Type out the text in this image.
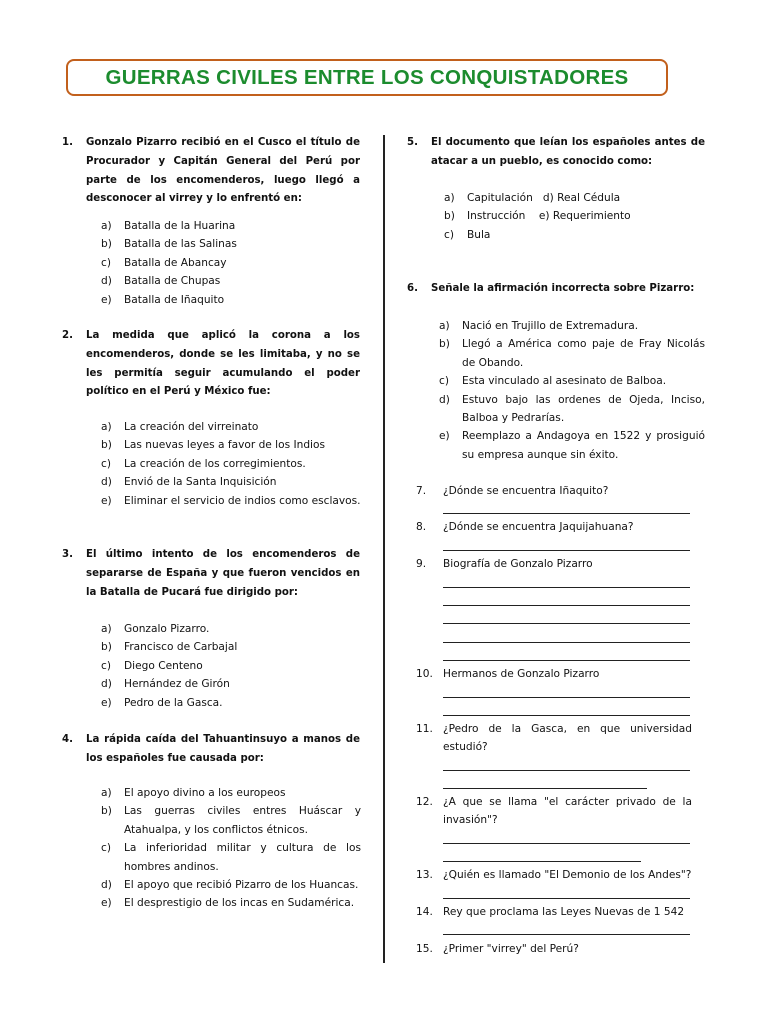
GUERRAS CIVILES ENTRE LOS CONQUISTADORES
1. Gonzalo Pizarro recibió en el Cusco el título de Procurador y Capitán General del Perú por parte de los encomenderos, luego llegó a desconocer al virrey y lo enfrentó en:
a)	Batalla de la Huarina
b)	Batalla de las Salinas
c)	Batalla de Abancay
d)	Batalla de Chupas
e)	Batalla de Iñaquito
2. La medida que aplicó la corona a los encomenderos, donde se les limitaba, y no se les permitía seguir acumulando el poder político en el Perú y México fue:
a)	La creación del virreinato
b)	Las nuevas leyes a favor de los Indios
c)	La creación de los corregimientos.
d)	Envió de la Santa Inquisición
e)	Eliminar el servicio de indios como esclavos.
3. El último intento de los encomenderos de separarse de España y que fueron vencidos en la Batalla de Pucará fue dirigido por:
a)	Gonzalo Pizarro.
b)	Francisco de Carbajal
c)	Diego Centeno
d)	Hernández de Girón
e)	Pedro de la Gasca.
4. La rápida caída del Tahuantinsuyo a manos de los españoles fue causada por:
a)	El apoyo divino a los europeos
b)	Las guerras civiles entres Huáscar y Atahualpa, y los conflictos étnicos.
c)	La inferioridad militar y cultura de los hombres andinos.
d)	El apoyo que recibió Pizarro de los Huancas.
e)	El desprestigio de los incas en Sudamérica.
5. El documento que leían los españoles antes de atacar a un pueblo, es conocido como:
a)	Capitulación   d) Real Cédula
b)	Instrucción    e) Requerimiento
c)	Bula
6. Señale la afirmación incorrecta sobre Pizarro:
a)	Nació en Trujillo de Extremadura.
b)	Llegó a América como paje de Fray Nicolás de Obando.
c)	Esta vinculado al asesinato de Balboa.
d)	Estuvo bajo las ordenes de Ojeda, Inciso, Balboa y Pedrarías.
e)	Reemplazo a Andagoya en 1522 y prosiguió su empresa aunque sin éxito.
7. ¿Dónde se encuentra Iñaquito?
8. ¿Dónde se encuentra Jaquijahuana?
9. Biografía de Gonzalo Pizarro
10. Hermanos de Gonzalo Pizarro
11. ¿Pedro de la Gasca, en que universidad estudió?
12. ¿A que se llama "el carácter privado de la invasión"?
13. ¿Quién es llamado "El Demonio de los Andes"?
14. Rey que proclama las Leyes Nuevas de 1 542
15. ¿Primer "virrey" del Perú?
